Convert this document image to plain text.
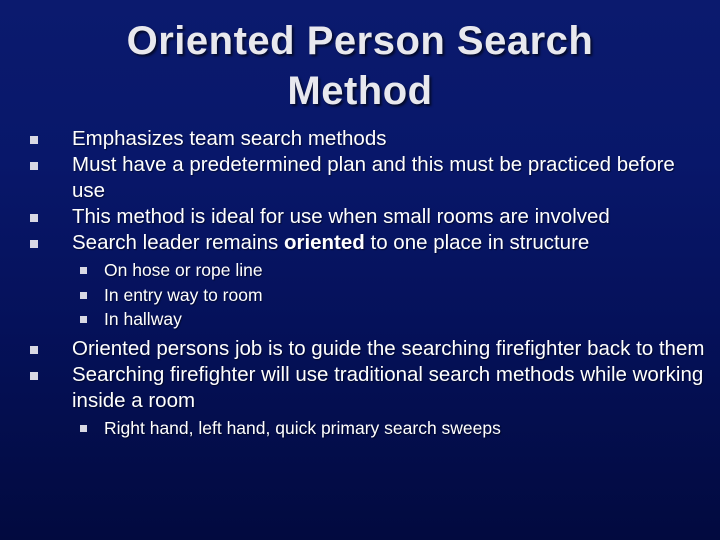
Oriented Person Search
Method
Emphasizes team search methods
Must have a predetermined plan and this must be practiced before use
This method is ideal for use when small rooms are involved
Search leader remains oriented to one place in structure
On hose or rope line
In entry way to room
In hallway
Oriented persons job is to guide the searching firefighter back to them
Searching firefighter will use traditional search methods while working inside a room
Right hand, left hand, quick primary search sweeps
